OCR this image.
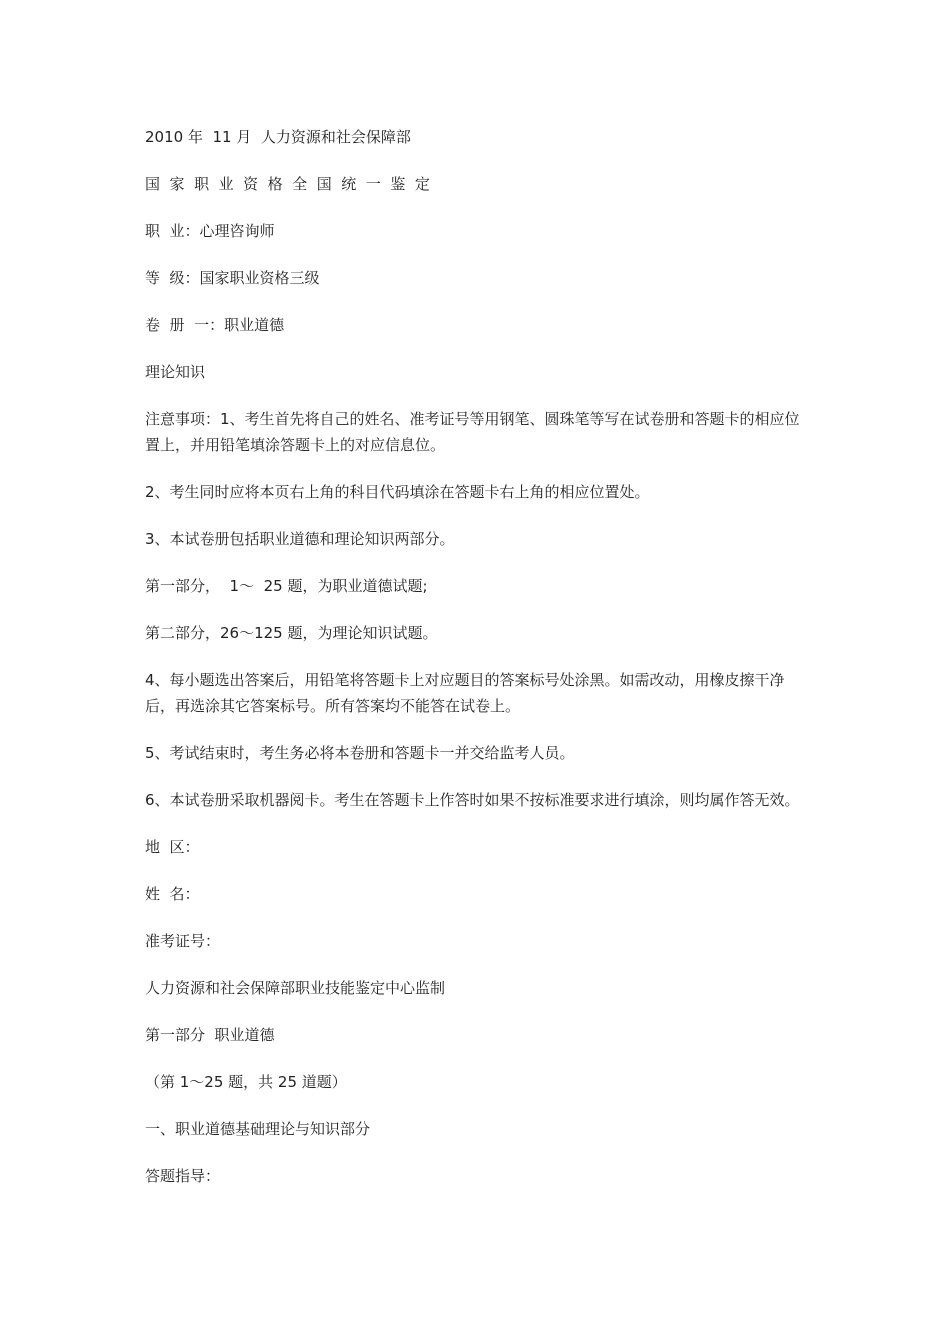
2010 年  11 月  人力资源和社会保障部

国  家  职  业  资  格  全  国  统  一  鉴  定

职  业：心理咨询师

等  级：国家职业资格三级

卷  册  一：职业道德

理论知识

注意事项：1、考生首先将自己的姓名、准考证号等用钢笔、圆珠笔等写在试卷册和答题卡的相应位置上，并用铅笔填涂答题卡上的对应信息位。

2、考生同时应将本页右上角的科目代码填涂在答题卡右上角的相应位置处。

3、本试卷册包括职业道德和理论知识两部分。

第一部分，  1～  25 题，为职业道德试题;

第二部分，26～125 题，为理论知识试题。

4、每小题选出答案后，用铅笔将答题卡上对应题目的答案标号处涂黑。如需改动，用橡皮擦干净后，再选涂其它答案标号。所有答案均不能答在试卷上。

5、考试结束时，考生务必将本卷册和答题卡一并交给监考人员。

6、本试卷册采取机器阅卡。考生在答题卡上作答时如果不按标准要求进行填涂，则均属作答无效。

地  区：

姓  名：

准考证号：

人力资源和社会保障部职业技能鉴定中心监制

第一部分  职业道德

（第 1～25 题，共 25 道题）

一、职业道德基础理论与知识部分

答题指导：
